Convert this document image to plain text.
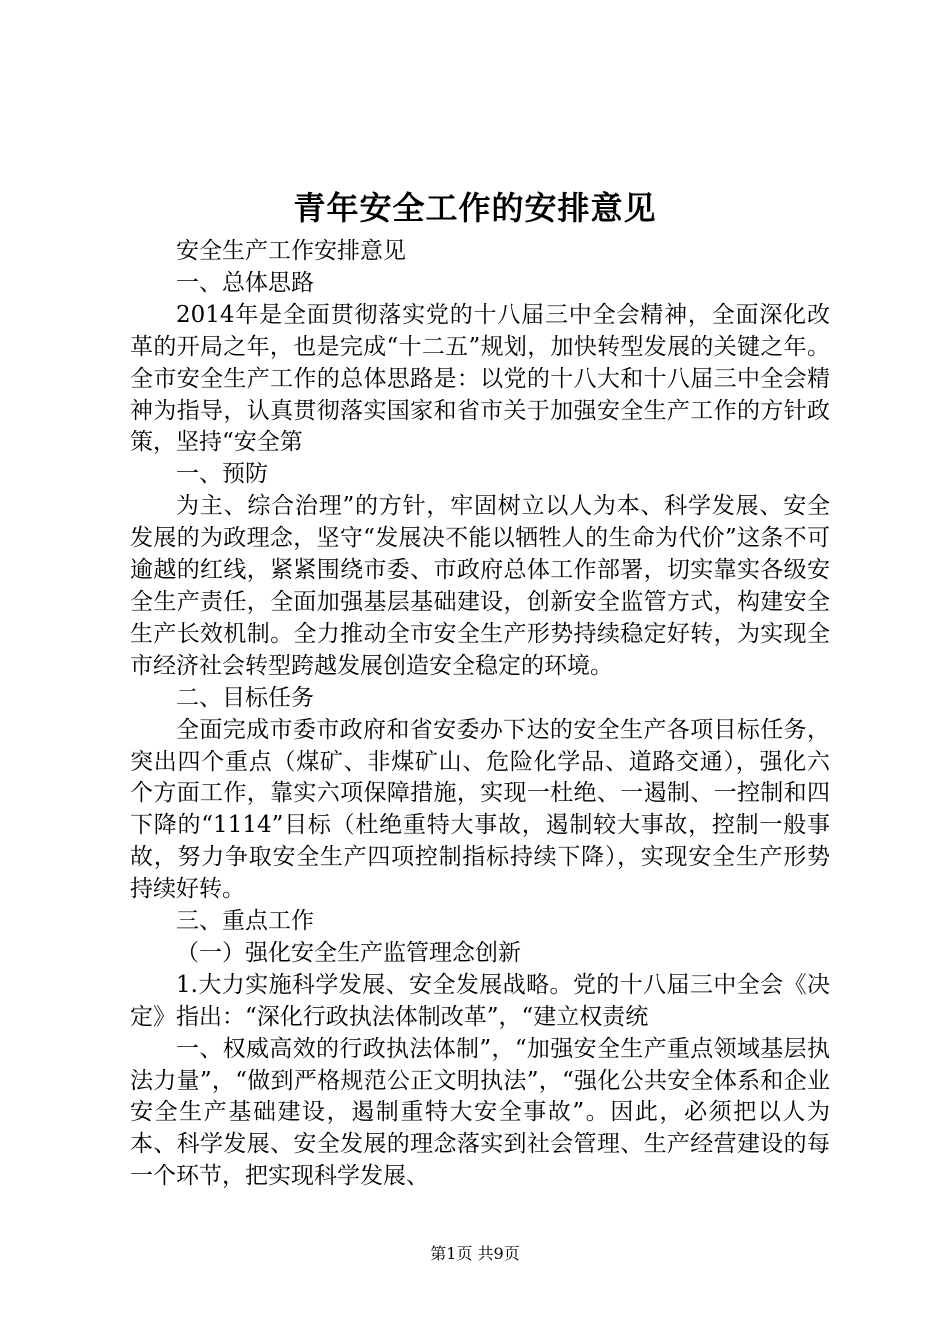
青年安全工作的安排意见

安全生产工作安排意见

一、总体思路

2014年是全面贯彻落实党的十八届三中全会精神，全面深化改革的开局之年，也是完成“十二五”规划，加快转型发展的关键之年。全市安全生产工作的总体思路是：以党的十八大和十八届三中全会精神为指导，认真贯彻落实国家和省市关于加强安全生产工作的方针政策，坚持“安全第

一、预防

为主、综合治理”的方针，牢固树立以人为本、科学发展、安全发展的为政理念，坚守“发展决不能以牺牲人的生命为代价”这条不可逾越的红线，紧紧围绕市委、市政府总体工作部署，切实靠实各级安全生产责任，全面加强基层基础建设，创新安全监管方式，构建安全生产长效机制。全力推动全市安全生产形势持续稳定好转，为实现全市经济社会转型跨越发展创造安全稳定的环境。

二、目标任务

全面完成市委市政府和省安委办下达的安全生产各项目标任务，突出四个重点（煤矿、非煤矿山、危险化学品、道路交通），强化六个方面工作，靠实六项保障措施，实现一杜绝、一遏制、一控制和四下降的“1114”目标（杜绝重特大事故，遏制较大事故，控制一般事故，努力争取安全生产四项控制指标持续下降），实现安全生产形势持续好转。

三、重点工作

（一）强化安全生产监管理念创新

1.大力实施科学发展、安全发展战略。党的十八届三中全会《决定》指出：“深化行政执法体制改革”，“建立权责统

一、权威高效的行政执法体制”，“加强安全生产重点领域基层执法力量”，“做到严格规范公正文明执法”，“强化公共安全体系和企业安全生产基础建设，遏制重特大安全事故”。因此，必须把以人为本、科学发展、安全发展的理念落实到社会管理、生产经营建设的每一个环节，把实现科学发展、

第1页 共9页
